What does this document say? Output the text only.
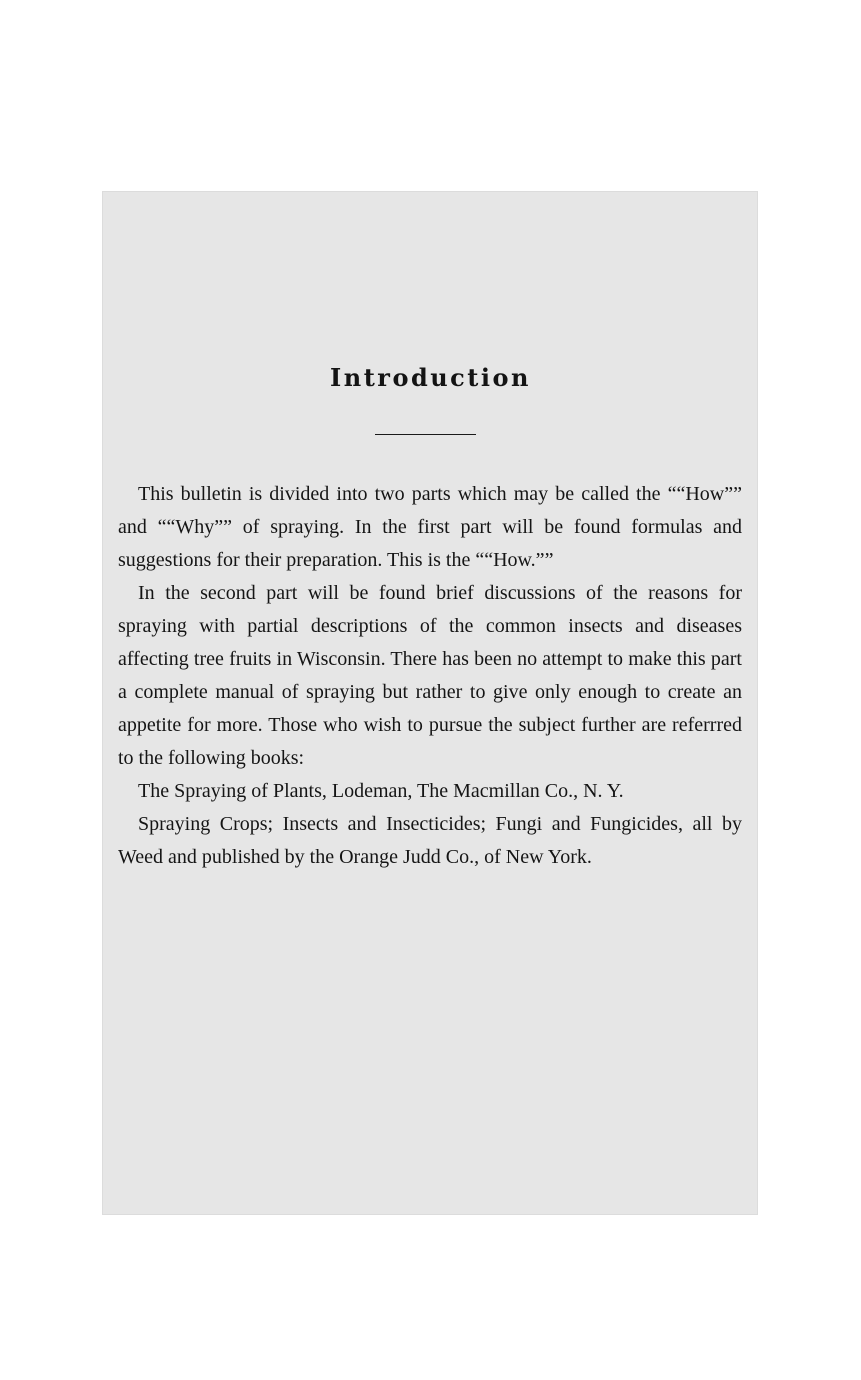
Introduction

This bulletin is divided into two parts which may be called the ““How”” and ““Why”” of spraying. In the first part will be found formulas and suggestions for their preparation. This is the ““How.””

In the second part will be found brief discussions of the reasons for spraying with partial descriptions of the common insects and diseases affecting tree fruits in Wisconsin. There has been no attempt to make this part a complete manual of spraying but rather to give only enough to create an appetite for more. Those who wish to pursue the subject further are referrred to the following books:

The Spraying of Plants, Lodeman, The Macmillan Co., N. Y.

Spraying Crops; Insects and Insecticides; Fungi and Fungicides, all by Weed and published by the Orange Judd Co., of New York.
